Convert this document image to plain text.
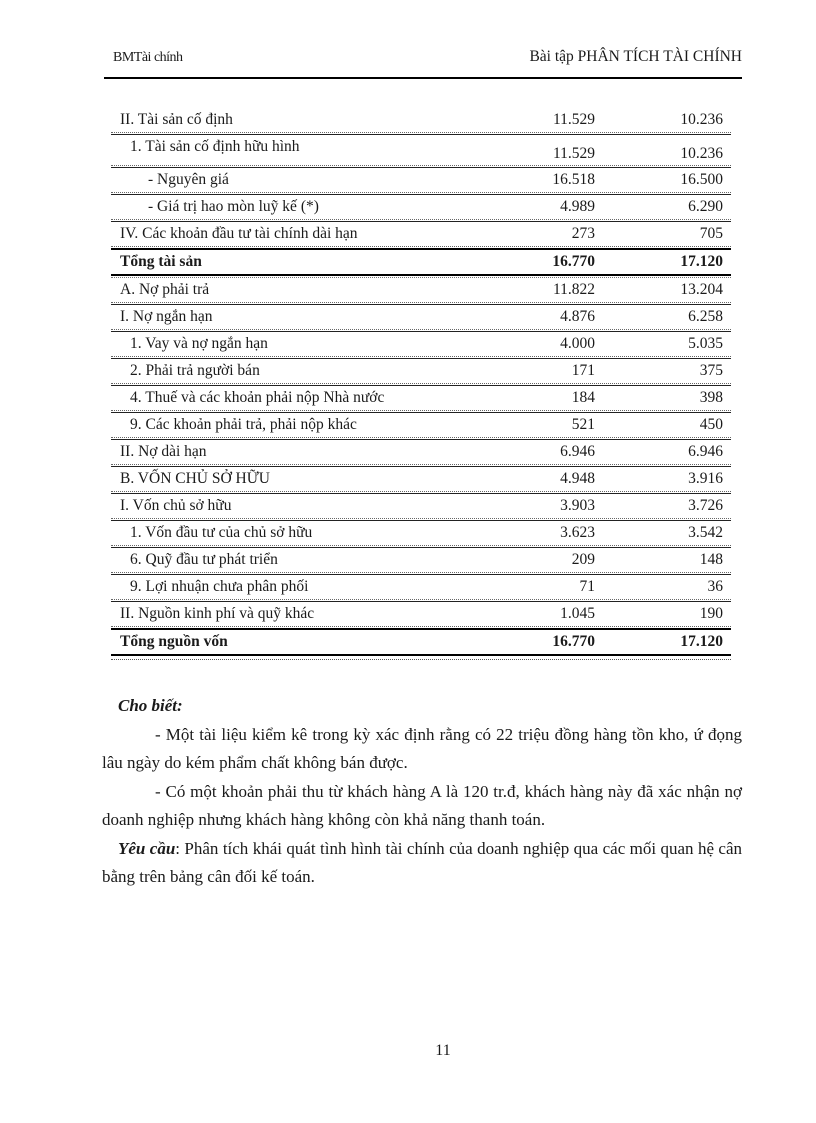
BMTài chính	Bài tập PHÂN TÍCH TÀI CHÍNH
II. Tài sản cố định	11.529	10.236
1. Tài sản cố định hữu hình	11.529	10.236
- Nguyên giá	16.518	16.500
- Giá trị hao mòn luỹ kế (*)	4.989	6.290
IV. Các khoản đầu tư tài chính dài hạn	273	705
Tổng tài sản	16.770	17.120
A. Nợ phải trả	11.822	13.204
I. Nợ ngắn hạn	4.876	6.258
1. Vay và nợ ngắn hạn	4.000	5.035
2. Phải trả người bán	171	375
4. Thuế và các khoản phải nộp Nhà nước	184	398
9. Các khoản phải trả, phải nộp khác	521	450
II. Nợ dài hạn	6.946	6.946
B. VỐN CHỦ SỞ HỮU	4.948	3.916
I. Vốn chủ sở hữu	3.903	3.726
1. Vốn đầu tư của chủ sở hữu	3.623	3.542
6. Quỹ đầu tư phát triển	209	148
9. Lợi nhuận chưa phân phối	71	36
II. Nguồn kinh phí và quỹ khác	1.045	190
Tổng nguồn vốn	16.770	17.120

Cho biết:

- Một tài liệu kiểm kê trong kỳ xác định rằng có 22 triệu đồng hàng tồn kho, ứ đọng lâu ngày do kém phẩm chất không bán được.

- Có một khoản phải thu từ khách hàng A là 120 tr.đ, khách hàng này đã xác nhận nợ doanh nghiệp nhưng khách hàng không còn khả năng thanh toán.

Yêu cầu: Phân tích khái quát tình hình tài chính của doanh nghiệp qua các mối quan hệ cân bằng trên bảng cân đối kế toán.

11
